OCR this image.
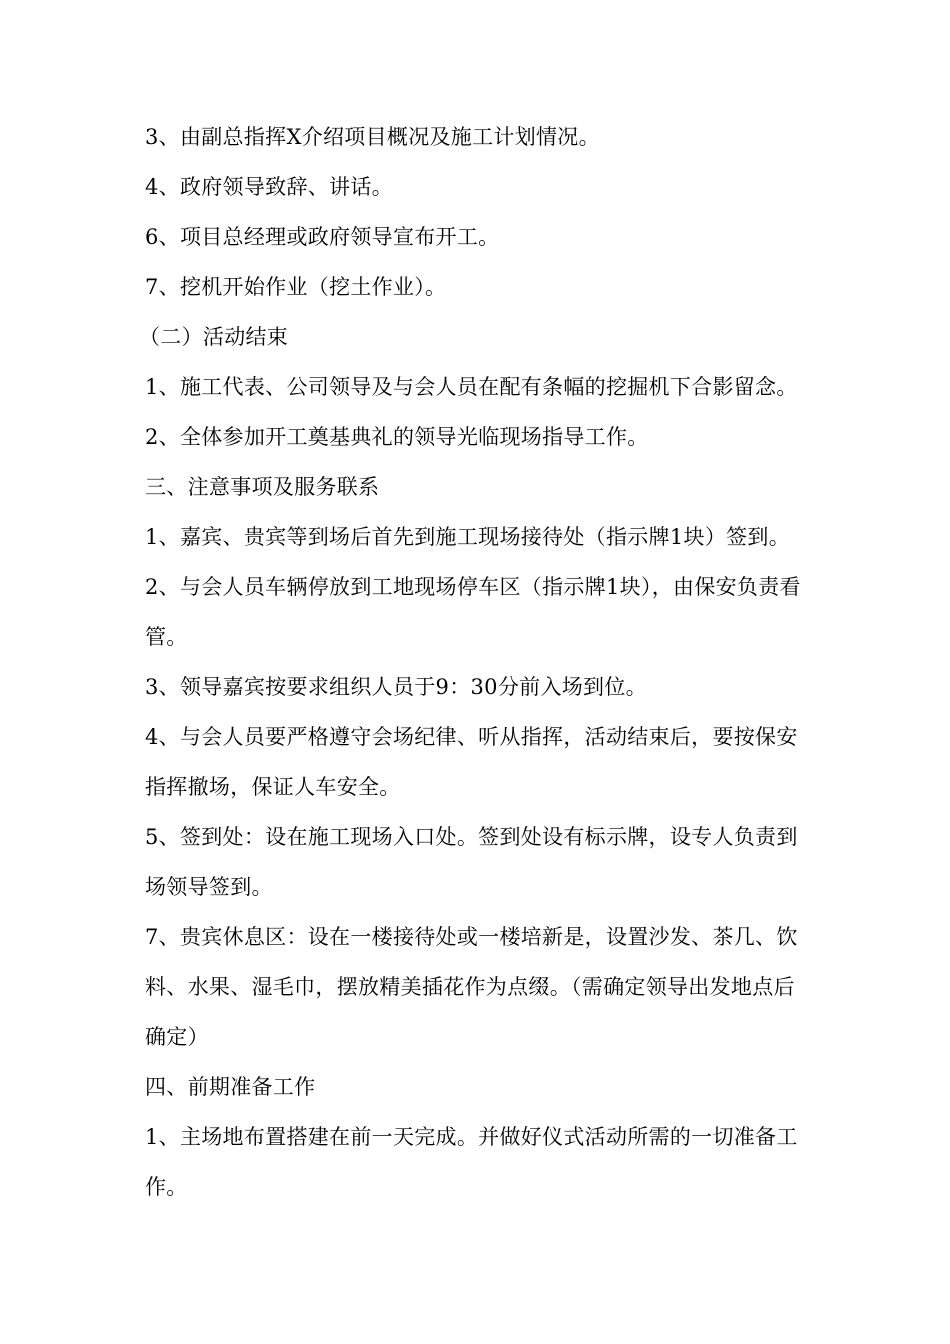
3、由副总指挥X介绍项目概况及施工计划情况。

4、政府领导致辞、讲话。

6、项目总经理或政府领导宣布开工。

7、挖机开始作业（挖土作业）。

（二）活动结束

1、施工代表、公司领导及与会人员在配有条幅的挖掘机下合影留念。

2、全体参加开工奠基典礼的领导光临现场指导工作。

三、注意事项及服务联系

1、嘉宾、贵宾等到场后首先到施工现场接待处（指示牌1块）签到。

2、与会人员车辆停放到工地现场停车区（指示牌1块），由保安负责看管。

3、领导嘉宾按要求组织人员于9：30分前入场到位。

4、与会人员要严格遵守会场纪律、听从指挥，活动结束后，要按保安指挥撤场，保证人车安全。

5、签到处：设在施工现场入口处。签到处设有标示牌，设专人负责到场领导签到。

7、贵宾休息区：设在一楼接待处或一楼培新是，设置沙发、茶几、饮料、水果、湿毛巾，摆放精美插花作为点缀。（需确定领导出发地点后确定）

四、前期准备工作

1、主场地布置搭建在前一天完成。并做好仪式活动所需的一切准备工作。
